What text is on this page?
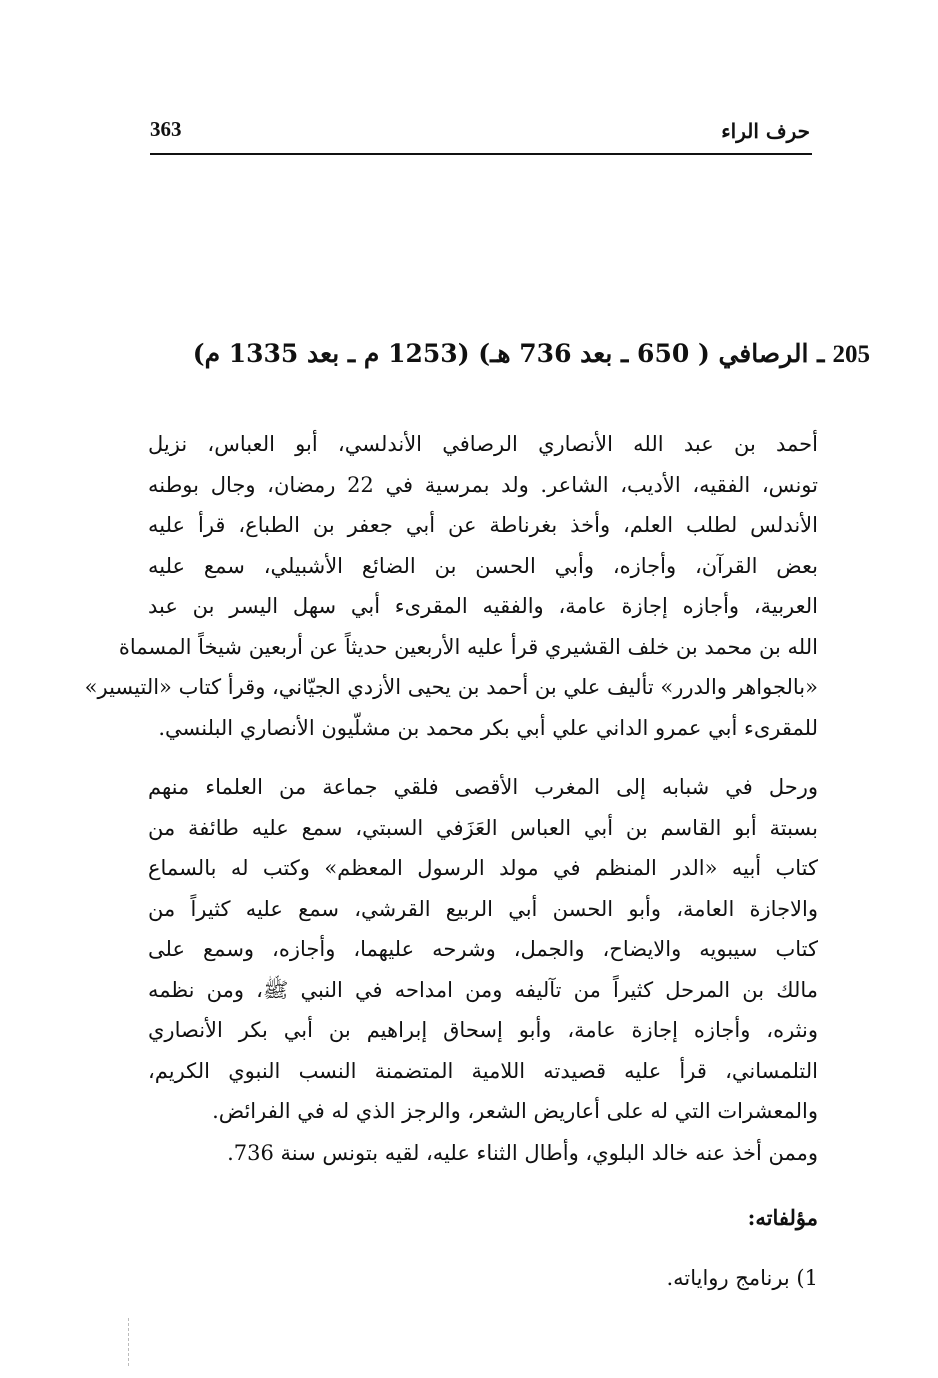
حرف الراء
363
205ـ الرصافي ( 650 ـ بعد 736 هـ) (1253 م ـ بعد 1335 م)
أحمد بن عبد الله الأنصاري الرصافي الأندلسي، أبو العباس، نزيل
تونس، الفقيه، الأديب، الشاعر. ولد بمرسية في 22 رمضان، وجال بوطنه
الأندلس لطلب العلم، وأخذ بغرناطة عن أبي جعفر بن الطباع، قرأ عليه
بعض القرآن، وأجازه، وأبي الحسن بن الضائع الأشبيلي، سمع عليه
العربية، وأجازه إجازة عامة، والفقيه المقرىء أبي سهل اليسر بن عبد
الله بن محمد بن خلف القشيري قرأ عليه الأربعين حديثاً عن أربعين شيخاً المسماة
«بالجواهر والدرر» تأليف علي بن أحمد بن يحيى الأزدي الجيّاني، وقرأ كتاب «التيسير»
للمقرىء أبي عمرو الداني علي أبي بكر محمد بن مشلّيون الأنصاري البلنسي.
ورحل في شبابه إلى المغرب الأقصى فلقي جماعة من العلماء منهم
بسبتة أبو القاسم بن أبي العباس العَزَفي السبتي، سمع عليه طائفة من
كتاب أبيه «الدر المنظم في مولد الرسول المعظم» وكتب له بالسماع
والاجازة العامة، وأبو الحسن أبي الربيع القرشي، سمع عليه كثيراً من
كتاب سيبويه والايضاح، والجمل، وشرحه عليهما، وأجازه، وسمع على
مالك بن المرحل كثيراً من تآليفه ومن امداحه في النبي ﷺ، ومن نظمه
ونثره، وأجازه إجازة عامة، وأبو إسحاق إبراهيم بن أبي بكر الأنصاري
التلمساني، قرأ عليه قصيدته اللامية المتضمنة النسب النبوي الكريم،
والمعشرات التي له على أعاريض الشعر، والرجز الذي له في الفرائض.
وممن أخذ عنه خالد البلوي، وأطال الثناء عليه، لقيه بتونس سنة 736.
مؤلفاته:
1) برنامج رواياته.
